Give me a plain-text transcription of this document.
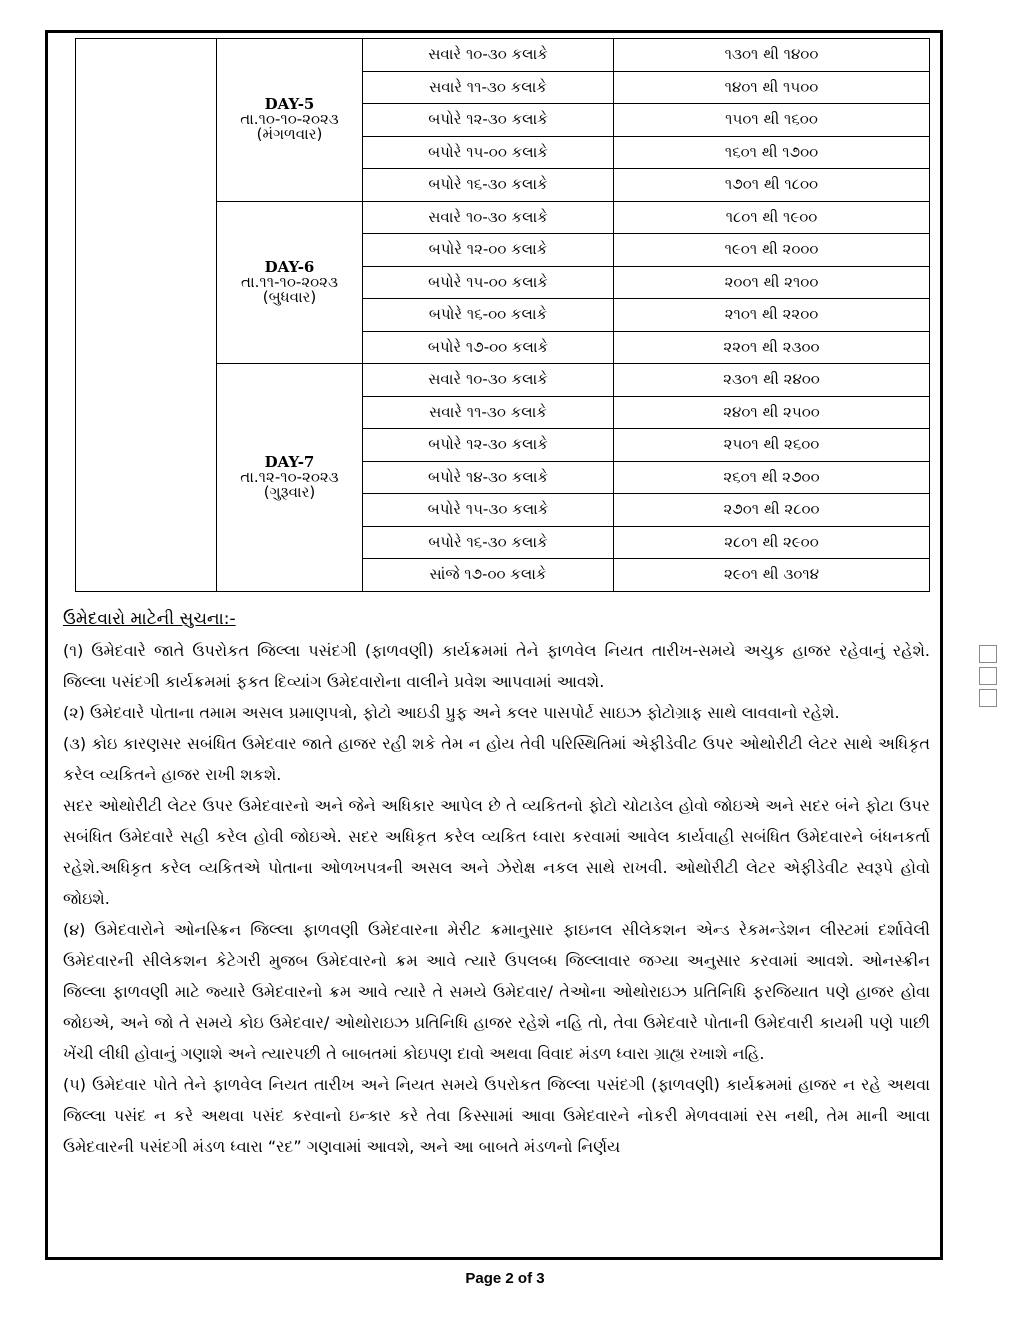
	DAY-5
તા.૧૦-૧૦-૨૦૨૩
(મંગળવાર)	સવારે ૧૦-૩૦ કલાકે	૧૩૦૧ થી ૧૪૦૦
		સવારે ૧૧-૩૦ કલાકે	૧૪૦૧ થી ૧૫૦૦
		બપોરે ૧૨-૩૦ કલાકે	૧૫૦૧ થી ૧૬૦૦
		બપોરે ૧૫-૦૦ કલાકે	૧૬૦૧ થી ૧૭૦૦
		બપોરે ૧૬-૩૦ કલાકે	૧૭૦૧ થી ૧૮૦૦

	DAY-6
તા.૧૧-૧૦-૨૦૨૩
(બુધવાર)	સવારે ૧૦-૩૦ કલાકે	૧૮૦૧ થી ૧૯૦૦
		બપોરે ૧૨-૦૦ કલાકે	૧૯૦૧ થી ૨૦૦૦
		બપોરે ૧૫-૦૦ કલાકે	૨૦૦૧ થી ૨૧૦૦
		બપોરે ૧૬-૦૦ કલાકે	૨૧૦૧ થી ૨૨૦૦
		બપોરે ૧૭-૦૦ કલાકે	૨૨૦૧ થી ૨૩૦૦

	DAY-7
તા.૧૨-૧૦-૨૦૨૩
(ગુરૂવાર)	સવારે ૧૦-૩૦ કલાકે	૨૩૦૧ થી ૨૪૦૦
		સવારે ૧૧-૩૦ કલાકે	૨૪૦૧ થી ૨૫૦૦
		બપોરે ૧૨-૩૦ કલાકે	૨૫૦૧ થી ૨૬૦૦
		બપોરે ૧૪-૩૦ કલાકે	૨૬૦૧ થી ૨૭૦૦
		બપોરે ૧૫-૩૦ કલાકે	૨૭૦૧ થી ૨૮૦૦
		બપોરે ૧૬-૩૦ કલાકે	૨૮૦૧ થી ૨૯૦૦
		સાંજે ૧૭-૦૦ કલાકે	૨૯૦૧ થી ૩૦૧૪
ઉમેદવારો માટેની સુચના:-

(૧) ઉમેદવારે જાતે ઉપરોકત જિલ્લા પસંદગી (ફાળવણી) કાર્યક્રમમાં તેને ફાળવેલ નિયત તારીખ-સમયે અચુક હાજર રહેવાનું રહેશે. જિલ્લા પસંદગી કાર્યક્રમમાં ફકત દિવ્યાંગ ઉમેદવારોના વાલીને પ્રવેશ આપવામાં આવશે.

(૨) ઉમેદવારે પોતાના તમામ અસલ પ્રમાણપત્રો, ફોટો આઇડી પ્રુફ અને કલર પાસપોર્ટ સાઇઝ ફોટોગ્રાફ સાથે લાવવાનો રહેશે.

(૩) કોઇ કારણસર સબંધિત ઉમેદવાર જાતે હાજર રહી શકે તેમ ન હોય તેવી પરિસ્થિતિમાં એફીડેવીટ ઉપર ઓથોરીટી લેટર સાથે અધિકૃત કરેલ વ્યકિતને હાજર રાખી શકશે.

સદર ઓથોરીટી લેટર ઉપર ઉમેદવારનો અને જેને અધિકાર આપેલ છે તે વ્યકિતનો ફોટો ચોટાડેલ હોવો જોઇએ અને સદર બંને ફોટા ઉપર સબંધિત ઉમેદવારે સહી કરેલ હોવી જોઇએ. સદર અધિકૃત કરેલ વ્યકિત ધ્વારા કરવામાં આવેલ કાર્યવાહી સબંધિત ઉમેદવારને બંધનકર્તા રહેશે.અધિકૃત કરેલ વ્યકિતએ પોતાના ઓળખપત્રની અસલ અને ઝેરોક્ષ નકલ સાથે રાખવી. ઓથોરીટી લેટર એફીડેવીટ સ્વરૂપે હોવો જોઇશે.

(૪) ઉમેદવારોને ઓનસ્ક્રિન જિલ્લા ફાળવણી ઉમેદવારના મેરીટ ક્રમાનુસાર ફાઇનલ સીલેકશન એન્ડ રેકમન્ડેશન લીસ્ટમાં દર્શાવેલી ઉમેદવારની સીલેકશન કેટેગરી મુજબ ઉમેદવારનો ક્રમ આવે ત્યારે ઉપલબ્ધ જિલ્લાવાર જગ્યા અનુસાર કરવામાં આવશે. ઓનસ્ક્રીન જિલ્લા ફાળવણી માટે જ્યારે ઉમેદવારનો ક્રમ આવે ત્યારે તે સમયે ઉમેદવાર/ તેઓના ઓથોરાઇઝ પ્રતિનિધિ ફરજિયાત પણે હાજર હોવા જોઇએ, અને જો તે સમયે કોઇ ઉમેદવાર/ ઓથોરાઇઝ પ્રતિનિધિ હાજર રહેશે નહિ તો, તેવા ઉમેદવારે પોતાની ઉમેદવારી કાયમી પણે પાછી ખેંચી લીધી હોવાનું ગણાશે અને ત્યારપછી તે બાબતમાં કોઇપણ દાવો અથવા વિવાદ મંડળ ધ્વારા ગ્રાહ્ય રખાશે નહિ.

(૫) ઉમેદવાર પોતે તેને ફાળવેલ નિયત તારીખ અને નિયત સમયે ઉપરોકત જિલ્લા પસંદગી (ફાળવણી) કાર્યક્રમમાં હાજર ન રહે અથવા જિલ્લા પસંદ ન કરે અથવા પસંદ કરવાનો ઇન્કાર કરે તેવા કિસ્સામાં આવા ઉમેદવારને નોકરી મેળવવામાં રસ નથી, તેમ માની આવા ઉમેદવારની પસંદગી મંડળ ધ્વારા “રદ” ગણવામાં આવશે, અને આ બાબતે મંડળનો નિર્ણય

Page 2 of 3
